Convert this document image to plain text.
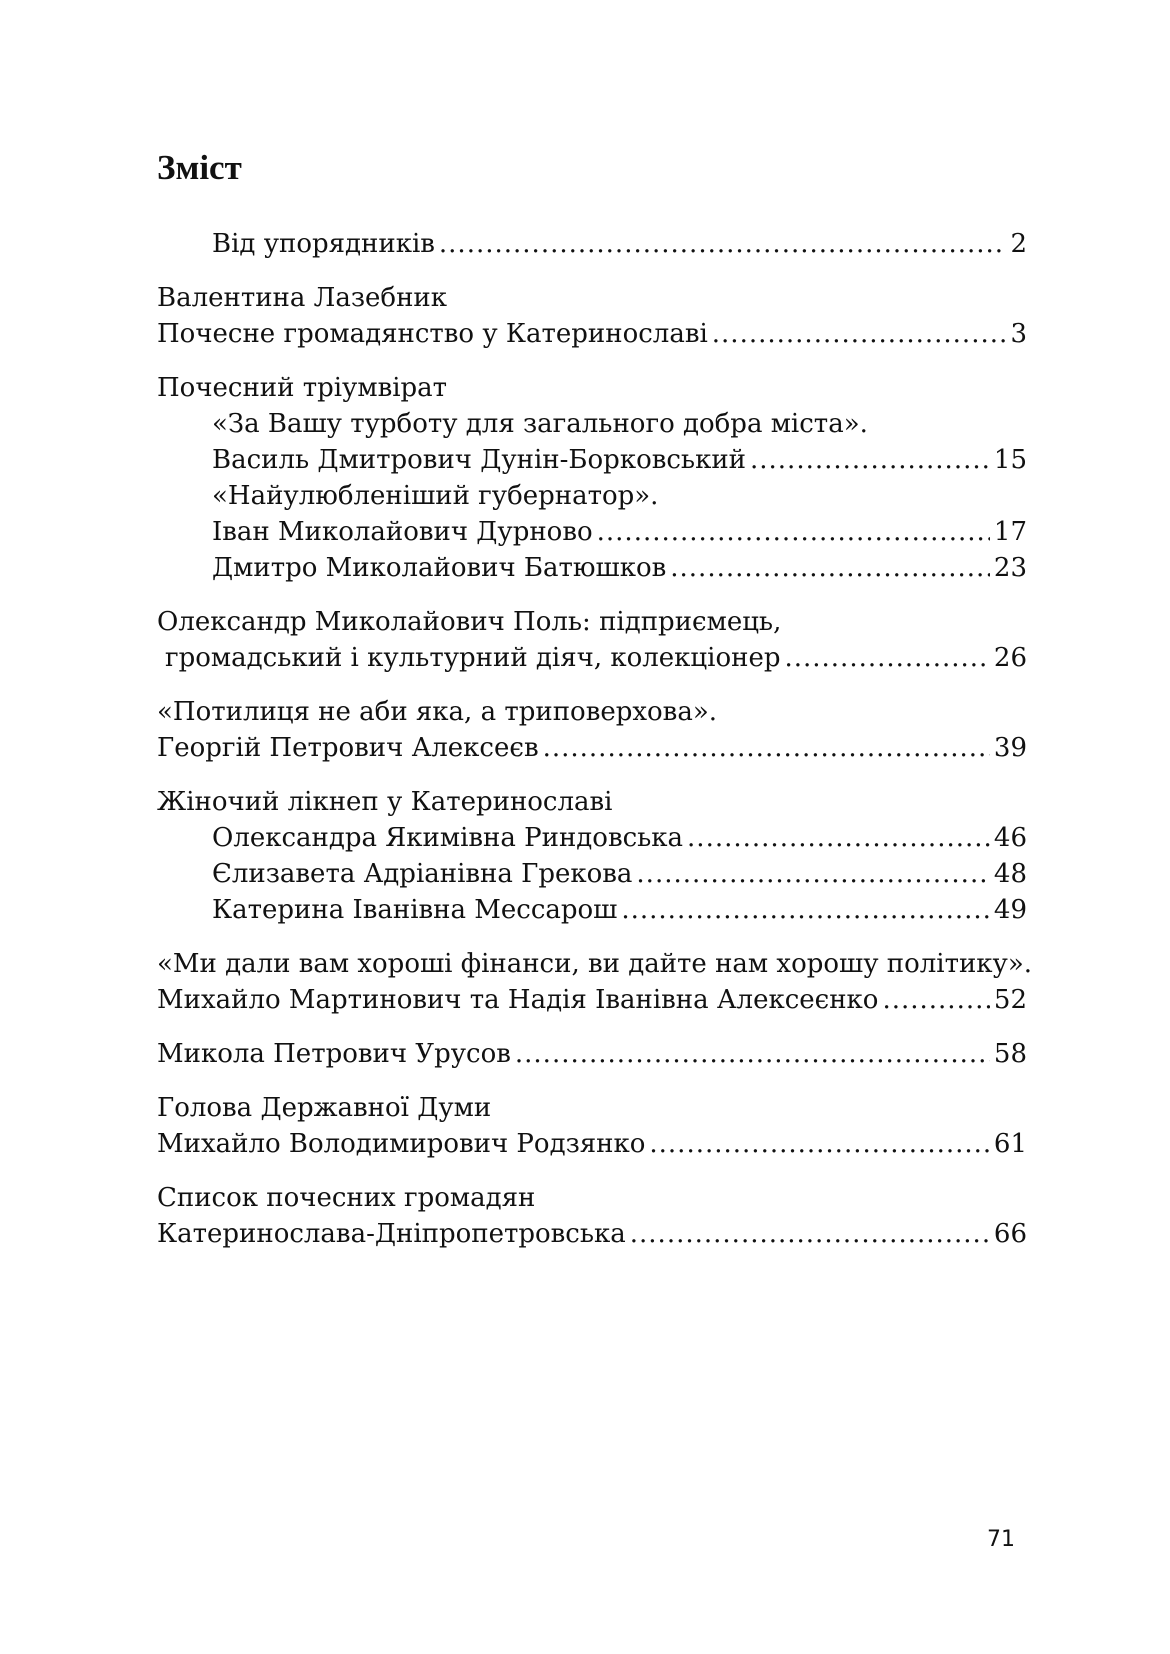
Зміст
Від упорядників .....	2
Валентина Лазебник
Почесне громадянство у Катеринославі .....	3
Почесний тріумвірат
«За Вашу турботу для загального добра міста».
Василь Дмитрович Дунін-Борковський .....	15
«Найулюбленіший губернатор».
Іван Миколайович Дурново .....	17
Дмитро Миколайович Батюшков .....	23
Олександр Миколайович Поль: підприємець,
громадський і культурний діяч, колекціонер .....	26
«Потилиця не аби яка, а триповерхова».
Георгій Петрович Алексеєв .....	39
Жіночий лікнеп у Катеринославі
Олександра Якимівна Риндовська .....	46
Єлизавета Адріанівна Грекова .....	48
Катерина Іванівна Мессарош .....	49
«Ми дали вам хороші фінанси, ви дайте нам хорошу політику».
Михайло Мартинович та Надія Іванівна Алексеєнко .....	52
Микола Петрович Урусов .....	58
Голова Державної Думи
Михайло Володимирович Родзянко .....	61
Список почесних громадян
Катеринослава-Дніпропетровська .....	66
71
